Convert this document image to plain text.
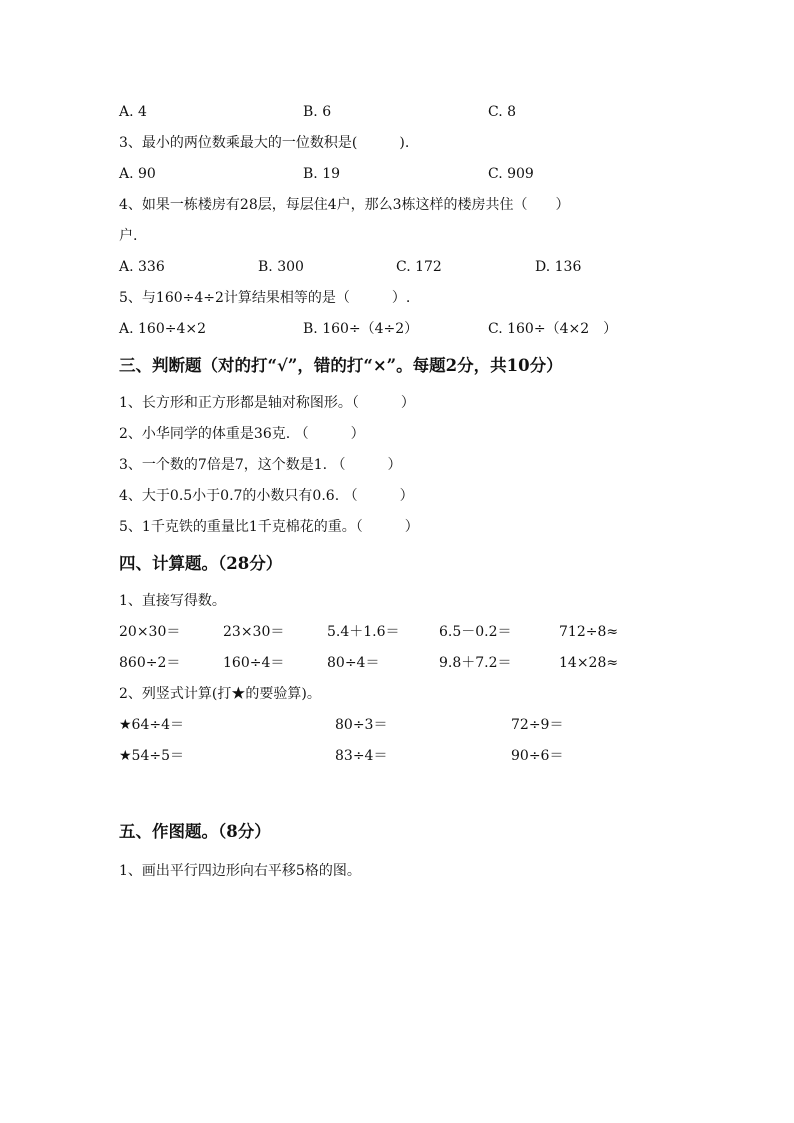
A. 4	B. 6	C. 8
3、最小的两位数乘最大的一位数积是(　　　).
A. 90	B. 19	C. 909
4、如果一栋楼房有28层，每层住4户，那么3栋这样的楼房共住（　　）
户.
A. 336	B. 300	C. 172	D. 136
5、与160÷4÷2计算结果相等的是（　　　）.
A. 160÷4×2	B. 160÷（4÷2）	C. 160÷（4×2　）
三、判断题（对的打“√”，错的打“×”。每题2分，共10分）
1、长方形和正方形都是轴对称图形。（　　　）
2、小华同学的体重是36克. （　　　）
3、一个数的7倍是7，这个数是1. （　　　）
4、大于0.5小于0.7的小数只有0.6. （　　　）
5、1千克铁的重量比1千克棉花的重。（　　　）
四、计算题。（28分）
1、直接写得数。
20×30＝	23×30＝	5.4＋1.6＝	6.5－0.2＝	712÷8≈
860÷2＝	160÷4＝	80÷4＝	9.8＋7.2＝	14×28≈
2、列竖式计算(打★的要验算)。
★64÷4＝	80÷3＝	72÷9＝
★54÷5＝	83÷4＝	90÷6＝
五、作图题。（8分）
1、画出平行四边形向右平移5格的图。
